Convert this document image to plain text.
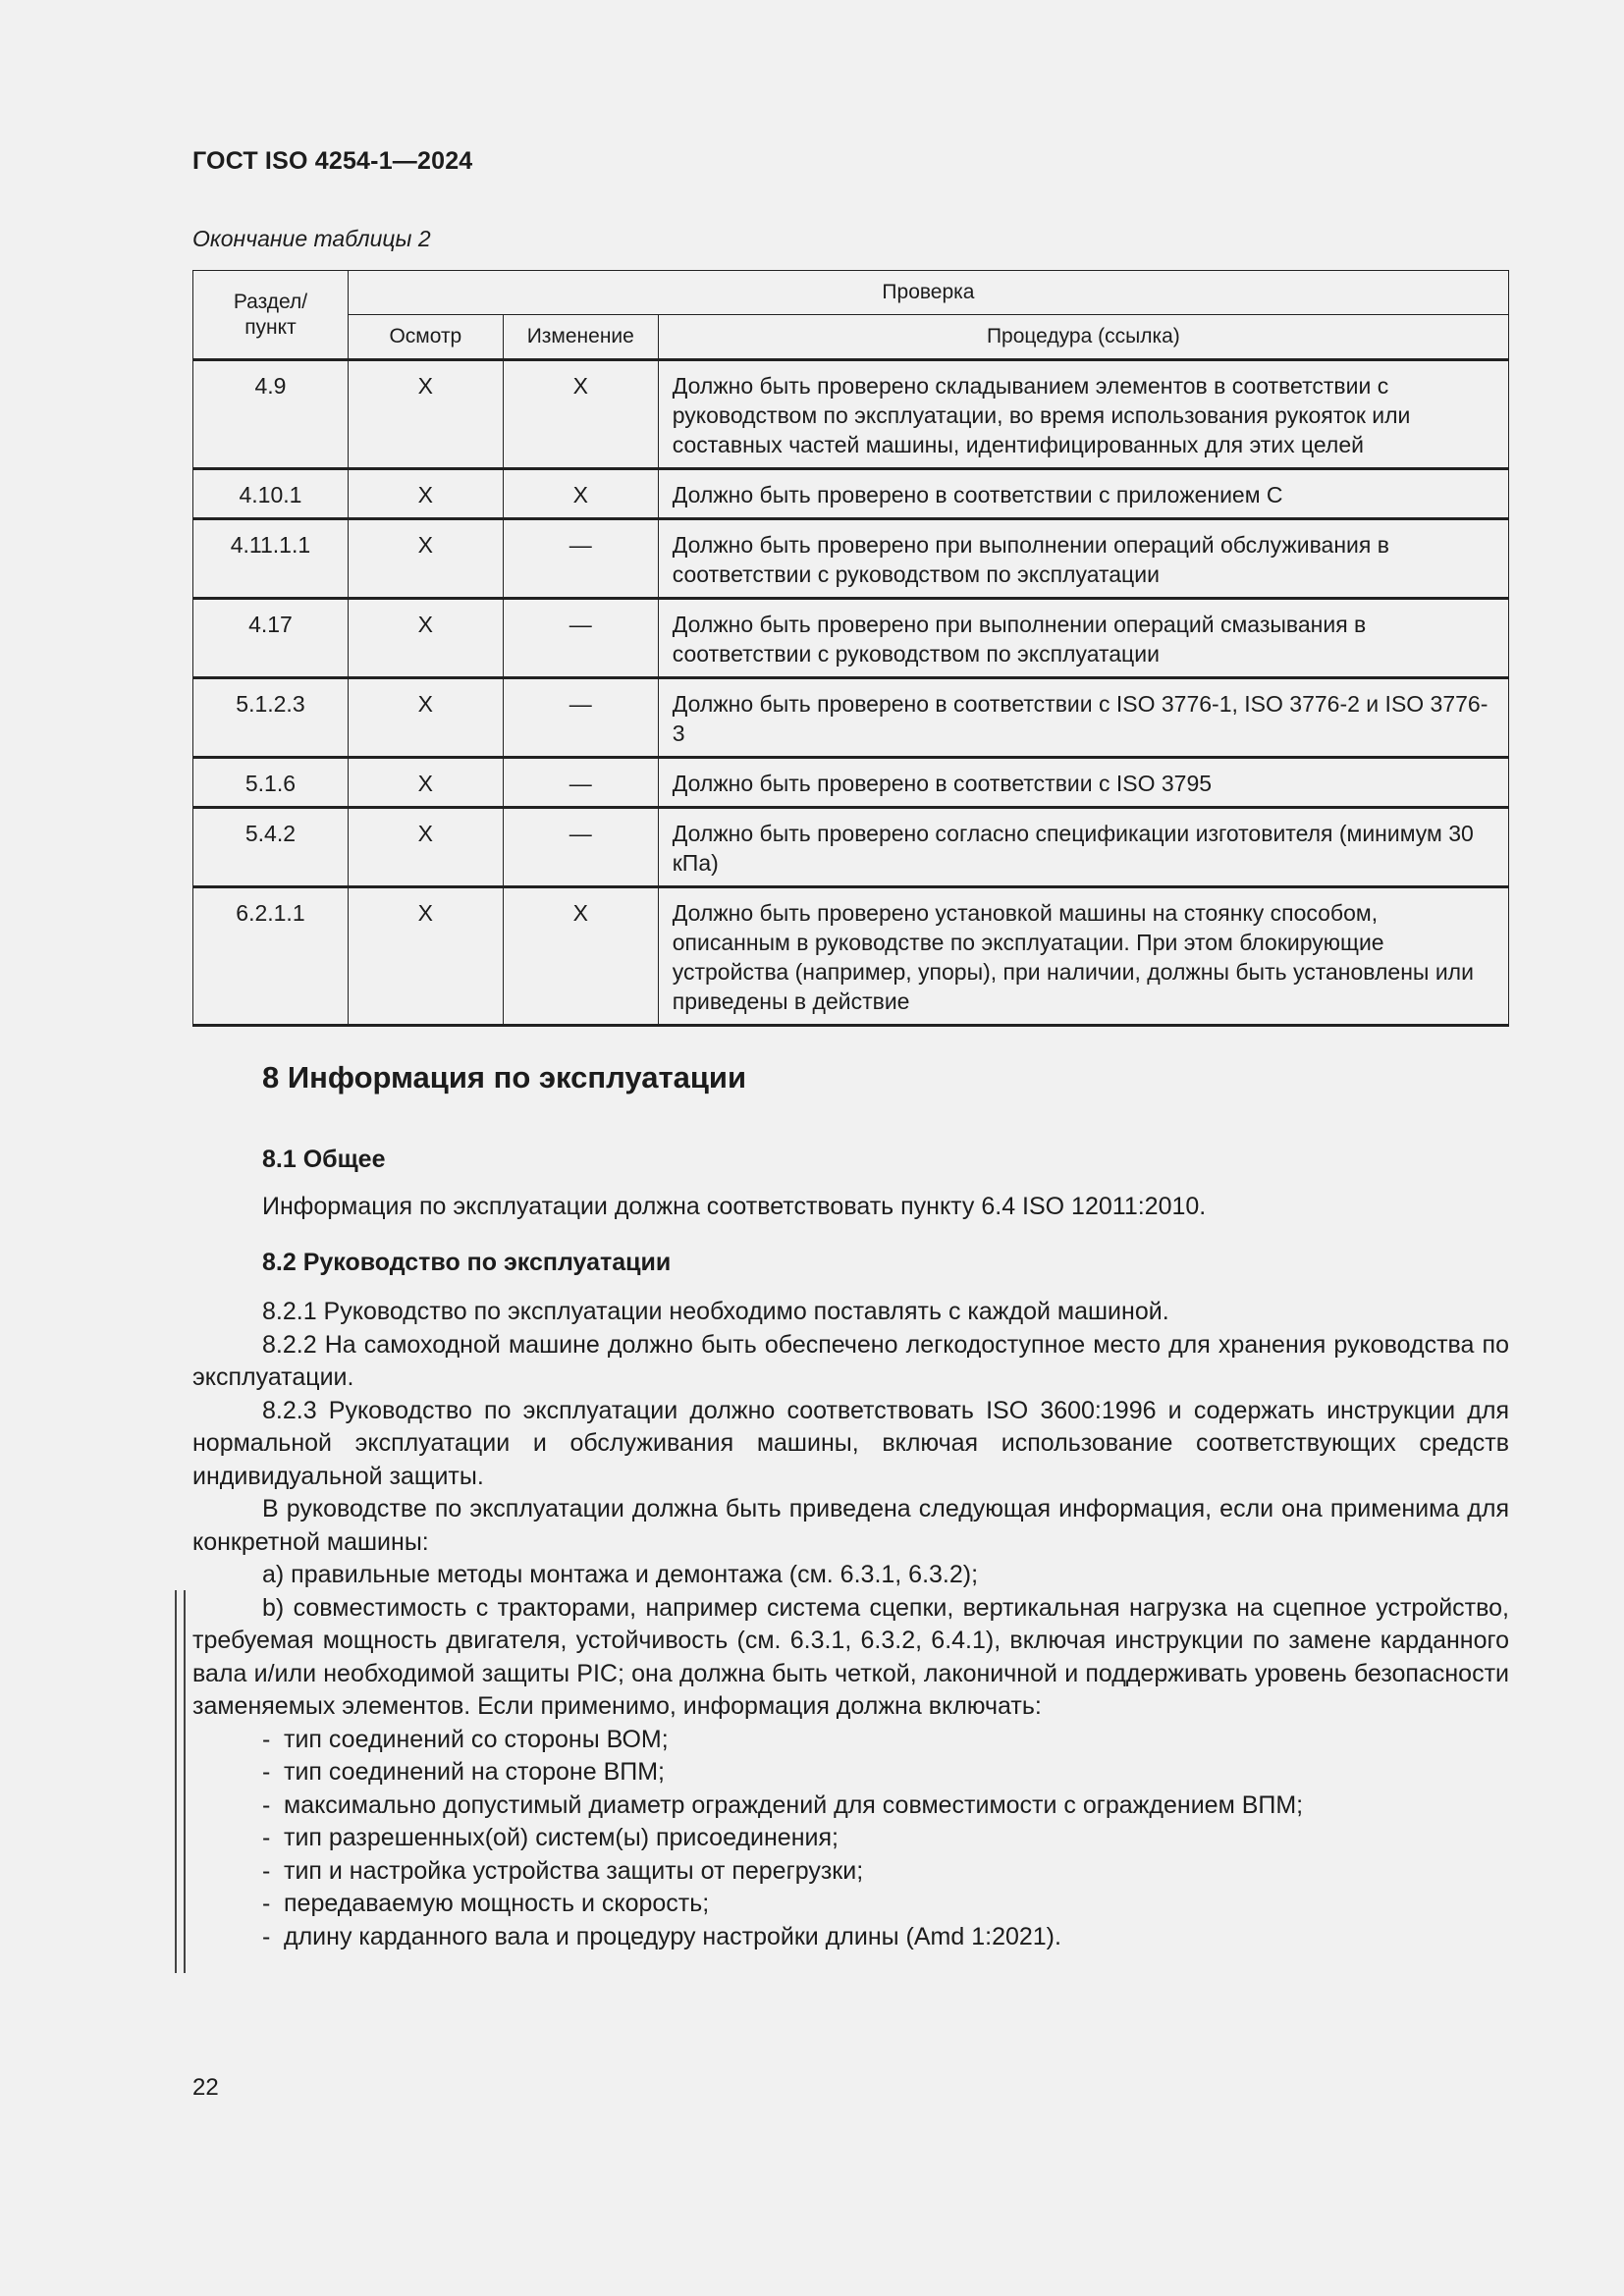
ГОСТ ISO 4254-1—2024
Окончание таблицы 2
Раздел/
пункт	Проверка		
	Осмотр	Изменение	Процедура (ссылка)
4.9	X	X	Должно быть проверено складыванием элементов в соответствии с руководством по эксплуатации, во время использования рукояток или составных частей машины, идентифицированных для этих целей
4.10.1	X	X	Должно быть проверено в соответствии с приложением С
4.11.1.1	X	—	Должно быть проверено при выполнении операций обслуживания в соответствии с руководством по эксплуатации
4.17	X	—	Должно быть проверено при выполнении операций смазывания в соответствии с руководством по эксплуатации
5.1.2.3	X	—	Должно быть проверено в соответствии с ISO 3776-1, ISO 3776-2 и ISO 3776-3
5.1.6	X	—	Должно быть проверено в соответствии с ISO 3795
5.4.2	X	—	Должно быть проверено согласно спецификации изготовителя (минимум 30 кПа)
6.2.1.1	X	X	Должно быть проверено установкой машины на стоянку способом, описанным в руководстве по эксплуатации. При этом блокирующие устройства (например, упоры), при наличии, должны быть установлены или приведены в действие
8 Информация по эксплуатации
8.1 Общее
Информация по эксплуатации должна соответствовать пункту 6.4 ISO 12011:2010.
8.2 Руководство по эксплуатации

8.2.1 Руководство по эксплуатации необходимо поставлять с каждой машиной.

8.2.2 На самоходной машине должно быть обеспечено легкодоступное место для хранения руководства по эксплуатации.

8.2.3 Руководство по эксплуатации должно соответствовать ISO 3600:1996 и содержать инструкции для нормальной эксплуатации и обслуживания машины, включая использование соответствующих средств индивидуальной защиты.

В руководстве по эксплуатации должна быть приведена следующая информация, если она применима для конкретной машины:

a) правильные методы монтажа и демонтажа (см. 6.3.1, 6.3.2);

b) совместимость с тракторами, например система сцепки, вертикальная нагрузка на сцепное устройство, требуемая мощность двигателя, устойчивость (см. 6.3.1, 6.3.2, 6.4.1), включая инструкции по замене карданного вала и/или необходимой защиты PIC; она должна быть четкой, лаконичной и поддерживать уровень безопасности заменяемых элементов. Если применимо, информация должна включать:

- тип соединений со стороны ВОМ;
- тип соединений на стороне ВПМ;
- максимально допустимый диаметр ограждений для совместимости с ограждением ВПМ;
- тип разрешенных(ой) систем(ы) присоединения;
- тип и настройка устройства защиты от перегрузки;
- передаваемую мощность и скорость;
- длину карданного вала и процедуру настройки длины (Amd 1:2021).
22
